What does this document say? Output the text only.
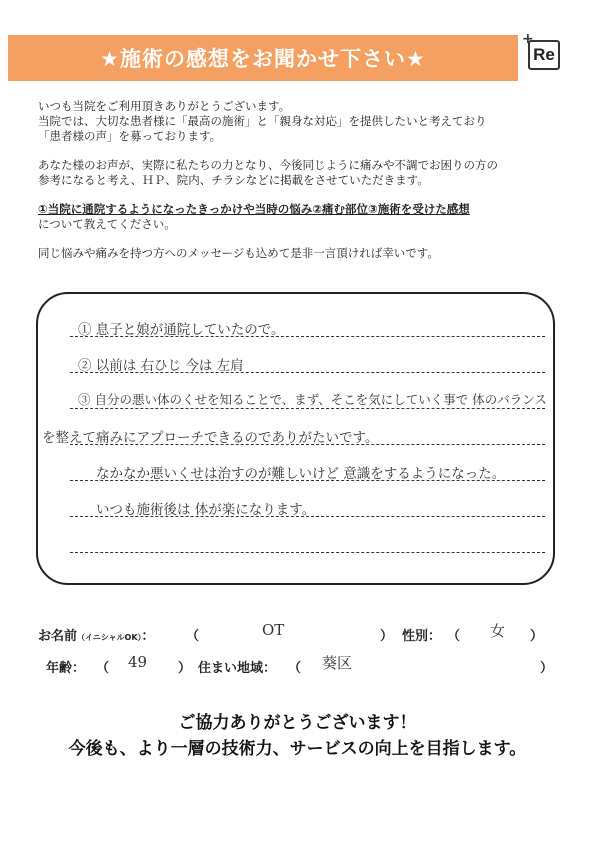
★施術の感想をお聞かせ下さい★
+
Re

いつも当院をご利用頂きありがとうございます。

当院では、大切な患者様に「最高の施術」と「親身な対応」を提供したいと考えており

「患者様の声」を募っております。

あなた様のお声が、実際に私たちの力となり、今後同じように痛みや不調でお困りの方の

参考になると考え、ＨＰ、院内、チラシなどに掲載をさせていただきます。

①当院に通院するようになったきっかけや当時の悩み②痛む部位③施術を受けた感想

について教えてください。

同じ悩みや痛みを持つ方へのメッセージも込めて是非一言頂ければ幸いです。

① 息子と娘が通院していたので。
② 以前は 右ひじ 今は 左肩
③ 自分の悪い体のくせを知ることで、まず、そこを気にしていく事で 体のバランス
を整えて痛みにアプローチできるのでありがたいです。
なかなか悪いくせは治すのが難しいけど 意識をするようになった。
いつも施術後は 体が楽になります。
お名前（イニシャルOK）： （	OT	） 性別： （ 女 ）
年齢： （ 49 ） 住まい地域： （ 葵区	）
ご協力ありがとうございます！
今後も、より一層の技術力、サービスの向上を目指します。
